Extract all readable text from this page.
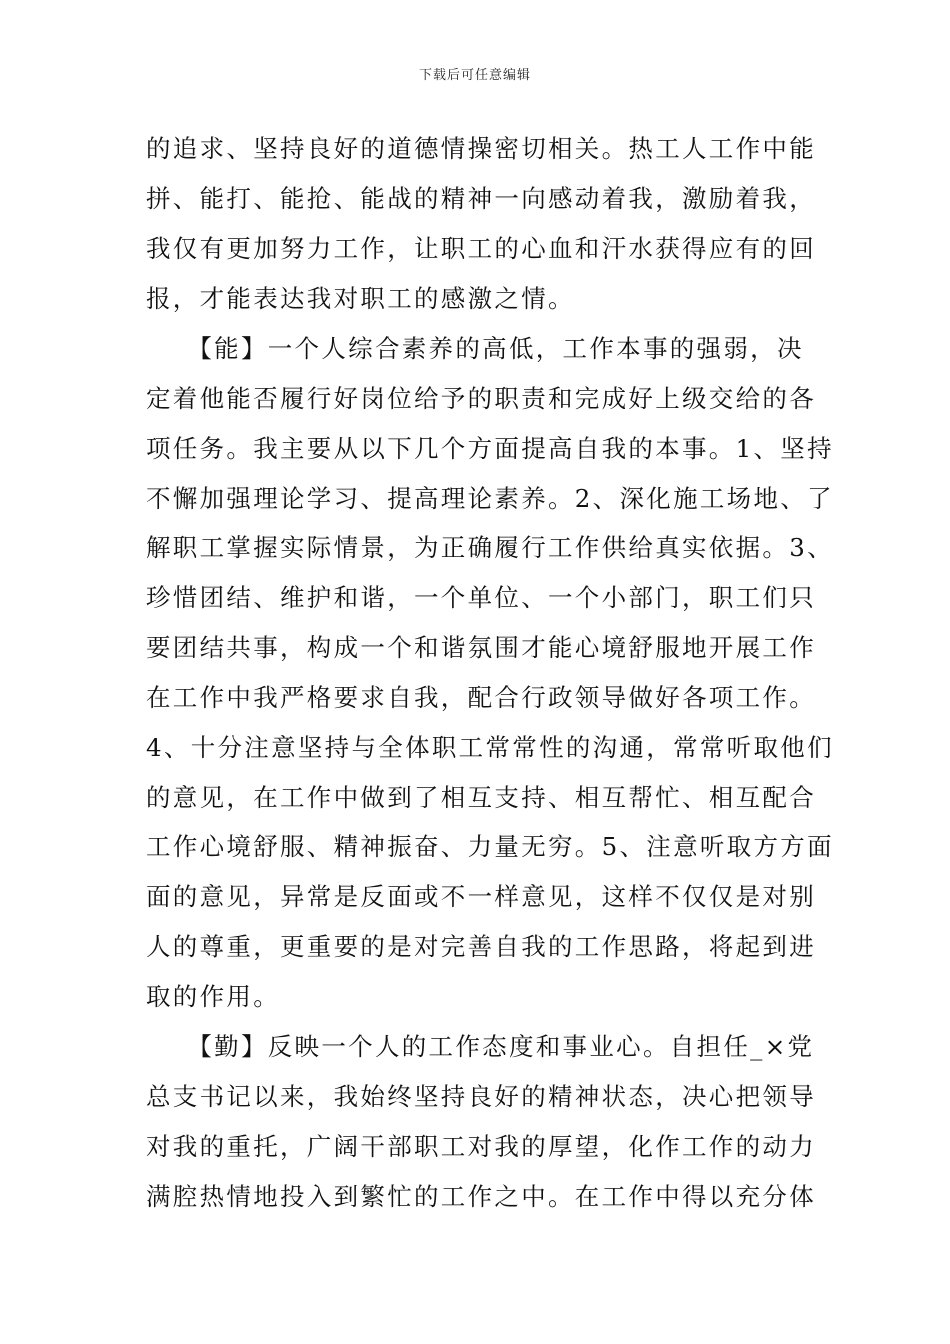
下载后可任意编辑
的追求、坚持良好的道德情操密切相关。热工人工作中能
拼、能打、能抢、能战的精神一向感动着我，激励着我，
我仅有更加努力工作，让职工的心血和汗水获得应有的回
报，才能表达我对职工的感激之情。
　　【能】一个人综合素养的高低，工作本事的强弱，决
定着他能否履行好岗位给予的职责和完成好上级交给的各
项任务。我主要从以下几个方面提高自我的本事。1、坚持
不懈加强理论学习、提高理论素养。2、深化施工场地、了
解职工掌握实际情景，为正确履行工作供给真实依据。3、
珍惜团结、维护和谐，一个单位、一个小部门，职工们只
要团结共事，构成一个和谐氛围才能心境舒服地开展工作
在工作中我严格要求自我，配合行政领导做好各项工作。
4、十分注意坚持与全体职工常常性的沟通，常常听取他们
的意见，在工作中做到了相互支持、相互帮忙、相互配合
工作心境舒服、精神振奋、力量无穷。5、注意听取方方面
面的意见，异常是反面或不一样意见，这样不仅仅是对别
人的尊重，更重要的是对完善自我的工作思路，将起到进
取的作用。
　　【勤】反映一个人的工作态度和事业心。自担任_×党
总支书记以来，我始终坚持良好的精神状态，决心把领导
对我的重托，广阔干部职工对我的厚望，化作工作的动力
满腔热情地投入到繁忙的工作之中。在工作中得以充分体
